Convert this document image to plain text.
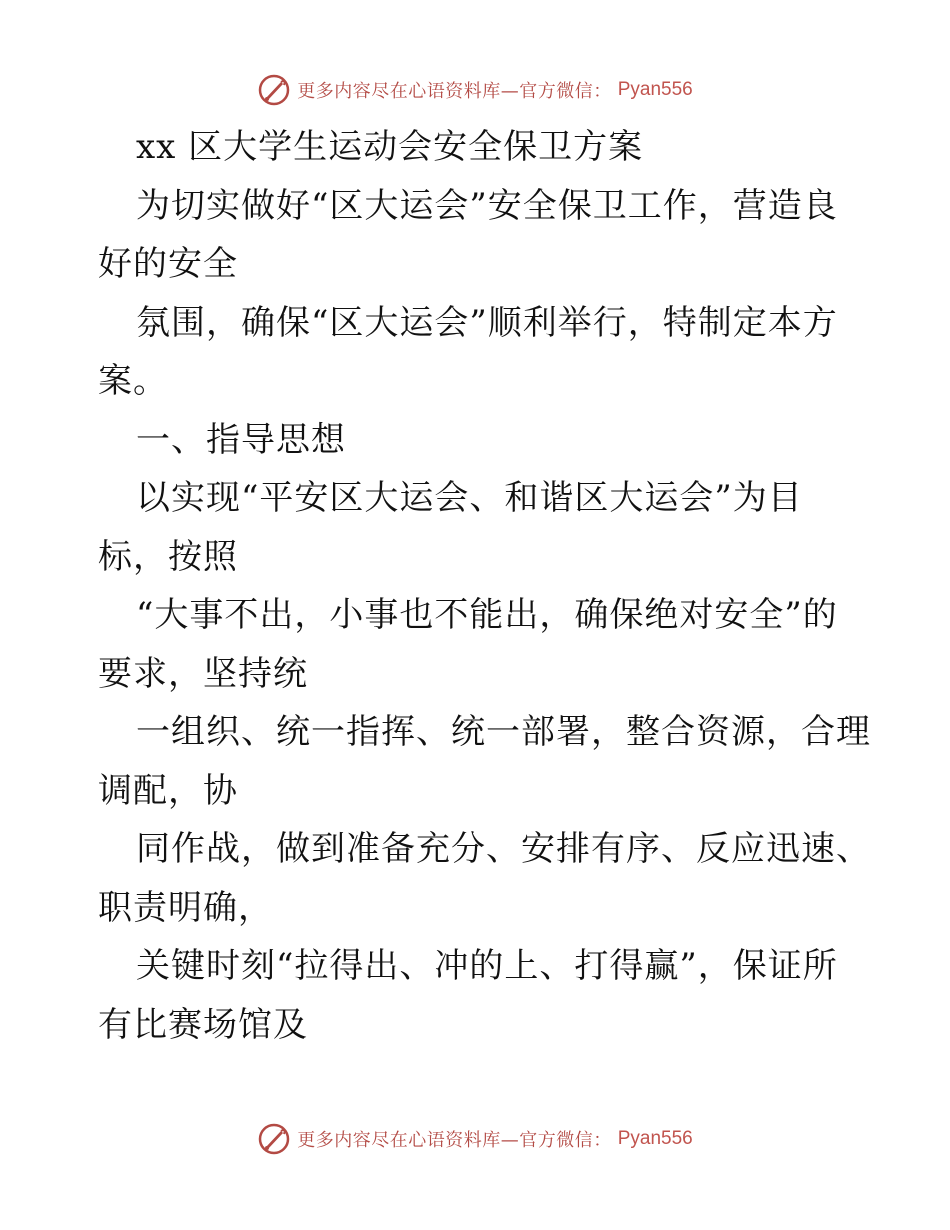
更多内容尽在心语资料库—官方微信： Pyan556
xx 区大学生运动会安全保卫方案
为切实做好“区大运会”安全保卫工作，营造良
好的安全
氛围，确保“区大运会”顺利举行，特制定本方
案。
一、指导思想
以实现“平安区大运会、和谐区大运会”为目
标，按照
“大事不出，小事也不能出，确保绝对安全”的
要求，坚持统
一组织、统一指挥、统一部署，整合资源，合理
调配，协
同作战，做到准备充分、安排有序、反应迅速、
职责明确，
关键时刻“拉得出、冲的上、打得赢”，保证所
有比赛场馆及
更多内容尽在心语资料库—官方微信： Pyan556
